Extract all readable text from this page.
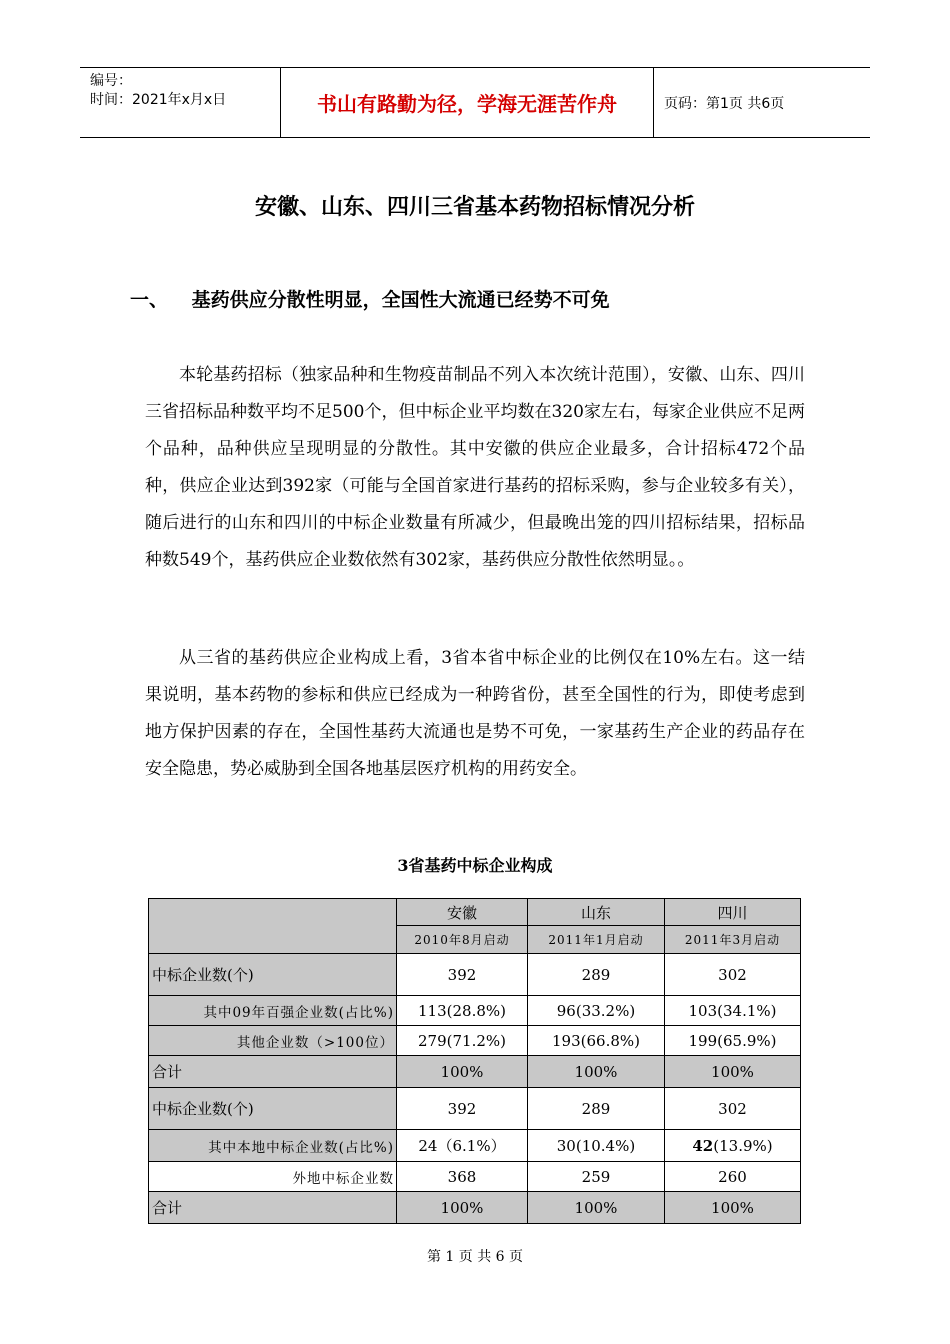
编号：
时间：2021年x月x日	书山有路勤为径，学海无涯苦作舟	页码：第1页 共6页
安徽、山东、四川三省基本药物招标情况分析
一、 基药供应分散性明显，全国性大流通已经势不可免
本轮基药招标（独家品种和生物疫苗制品不列入本次统计范围），安徽、山东、四川三省招标品种数平均不足500个，但中标企业平均数在320家左右，每家企业供应不足两个品种，品种供应呈现明显的分散性。其中安徽的供应企业最多，合计招标472个品种，供应企业达到392家（可能与全国首家进行基药的招标采购，参与企业较多有关），随后进行的山东和四川的中标企业数量有所减少，但最晚出笼的四川招标结果，招标品种数549个，基药供应企业数依然有302家，基药供应分散性依然明显。。
从三省的基药供应企业构成上看，3省本省中标企业的比例仅在10%左右。这一结果说明，基本药物的参标和供应已经成为一种跨省份，甚至全国性的行为，即使考虑到地方保护因素的存在，全国性基药大流通也是势不可免，一家基药生产企业的药品存在安全隐患，势必威胁到全国各地基层医疗机构的用药安全。
3省基药中标企业构成
	安徽	山东	四川
	2010年8月启动	2011年1月启动	2011年3月启动
中标企业数(个)	392	289	302
其中09年百强企业数(占比%)	113(28.8%)	96(33.2%)	103(34.1%)
其他企业数（>100位）	279(71.2%)	193(66.8%)	199(65.9%)
合计	100%	100%	100%
中标企业数(个)	392	289	302
其中本地中标企业数(占比%)	24（6.1%）	30(10.4%)	42(13.9%)
外地中标企业数	368	259	260
合计	100%	100%	100%
第 1 页 共 6 页
